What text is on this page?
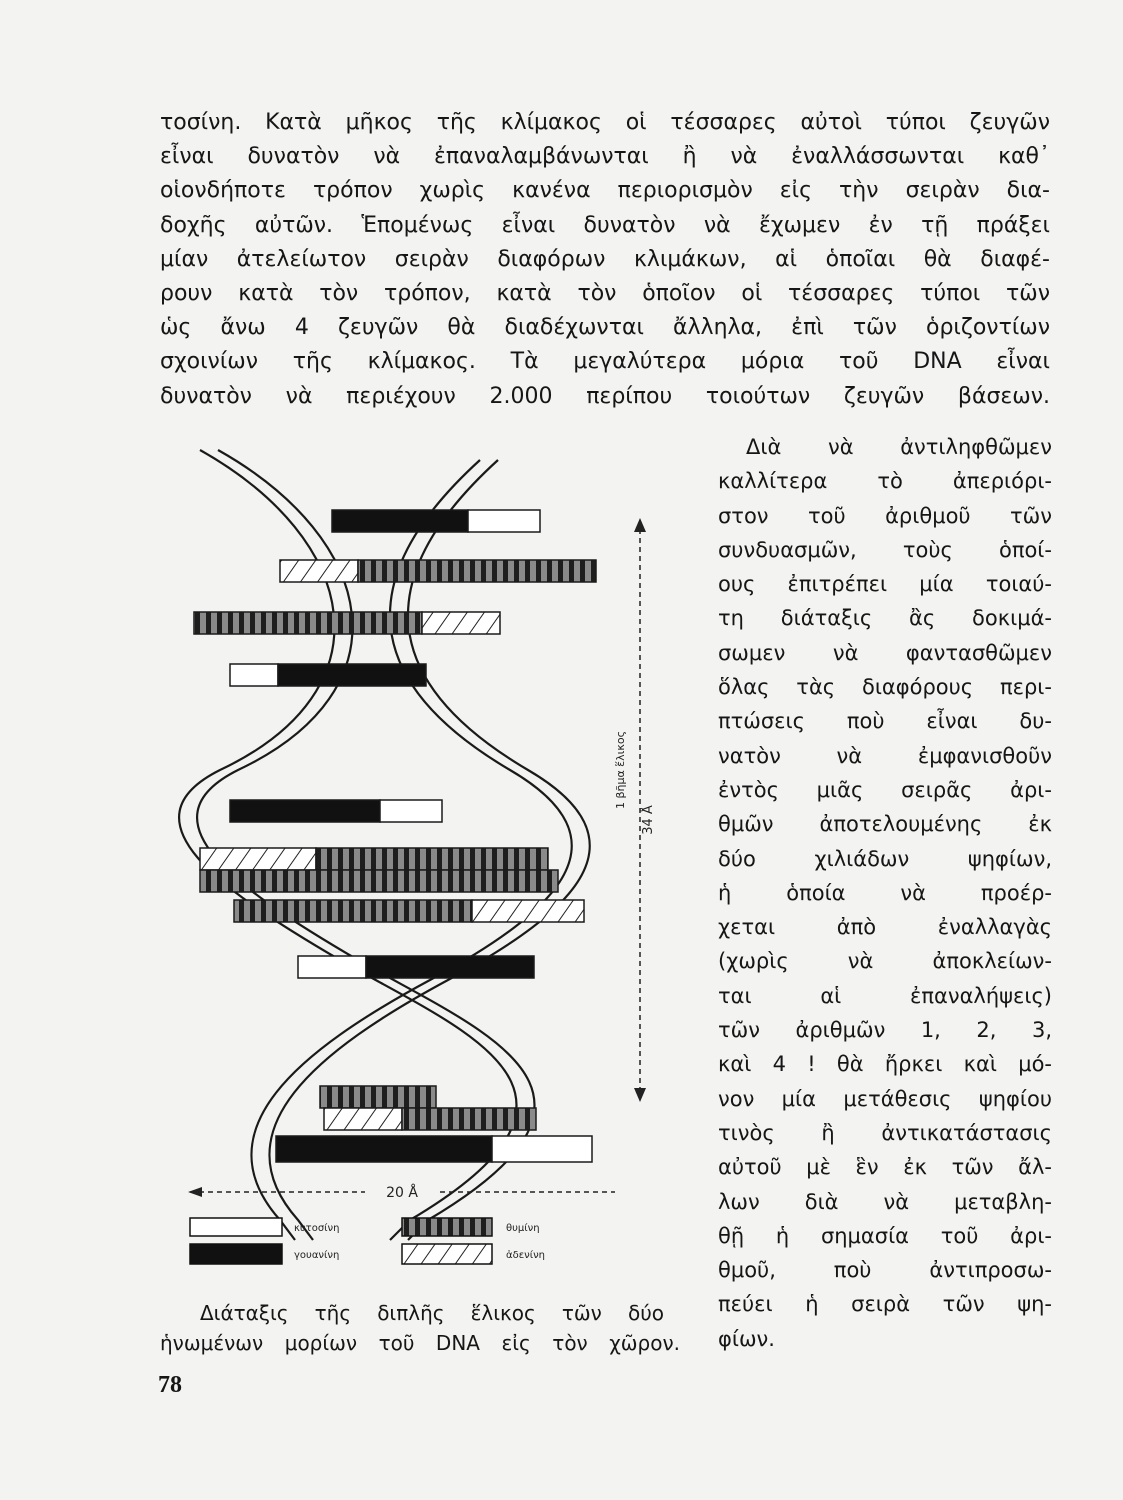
τοσίνη. Κατὰ μῆκος τῆς κλίμακος οἱ τέσσαρες αὐτοὶ τύποι ζευγῶν
εἶναι δυνατὸν νὰ ἐπαναλαμβάνωνται ἢ νὰ ἐναλλάσσωνται καθ᾽
οἱονδήποτε τρόπον χωρὶς κανένα περιορισμὸν εἰς τὴν σειρὰν δια-
δοχῆς αὐτῶν. Ἑπομένως εἶναι δυνατὸν νὰ ἔχωμεν ἐν τῇ πράξει
μίαν ἀτελείωτον σειρὰν διαφόρων κλιμάκων, αἱ ὁποῖαι θὰ διαφέ-
ρουν κατὰ τὸν τρόπον, κατὰ τὸν ὁποῖον οἱ τέσσαρες τύποι τῶν
ὡς ἄνω 4 ζευγῶν θὰ διαδέχωνται ἄλληλα, ἐπὶ τῶν ὁριζοντίων
σχοινίων τῆς κλίμακος. Τὰ μεγαλύτερα μόρια τοῦ DNA εἶναι
δυνατὸν νὰ περιέχουν 2.000 περίπου τοιούτων ζευγῶν βάσεων.
Διὰ νὰ ἀντιληφθῶμεν
καλλίτερα τὸ ἀπεριόρι-
στον τοῦ ἀριθμοῦ τῶν
συνδυασμῶν, τοὺς ὁποί-
ους ἐπιτρέπει μία τοιαύ-
τη διάταξις ἂς δοκιμά-
σωμεν νὰ φαντασθῶμεν
ὅλας τὰς διαφόρους περι-
πτώσεις ποὺ εἶναι δυ-
νατὸν νὰ ἐμφανισθοῦν
ἐντὸς μιᾶς σειρᾶς ἀρι-
θμῶν ἀποτελουμένης ἐκ
δύο χιλιάδων ψηφίων,
ἡ ὁποία νὰ προέρ-
χεται ἀπὸ ἐναλλαγὰς
(χωρὶς νὰ ἀποκλείων-
ται αἱ ἐπαναλήψεις)
τῶν ἀριθμῶν 1, 2, 3,
καὶ 4 ! θὰ ἤρκει καὶ μό-
νον μία μετάθεσις ψηφίου
τινὸς ἢ ἀντικατάστασις
αὐτοῦ μὲ ἓν ἐκ τῶν ἄλ-
λων διὰ νὰ μεταβλη-
θῇ ἡ σημασία τοῦ ἀρι-
θμοῦ, ποὺ ἀντιπροσω-
πεύει ἡ σειρὰ τῶν ψη-
φίων.
1 βῆμα ἕλικος
34 Å
20 Å
κυτοσίνη
γουανίνη
θυμίνη
ἀδενίνη
Διάταξις τῆς διπλῆς ἕλικος τῶν δύο
ἡνωμένων μορίων τοῦ DNA εἰς τὸν χῶρον.
78
